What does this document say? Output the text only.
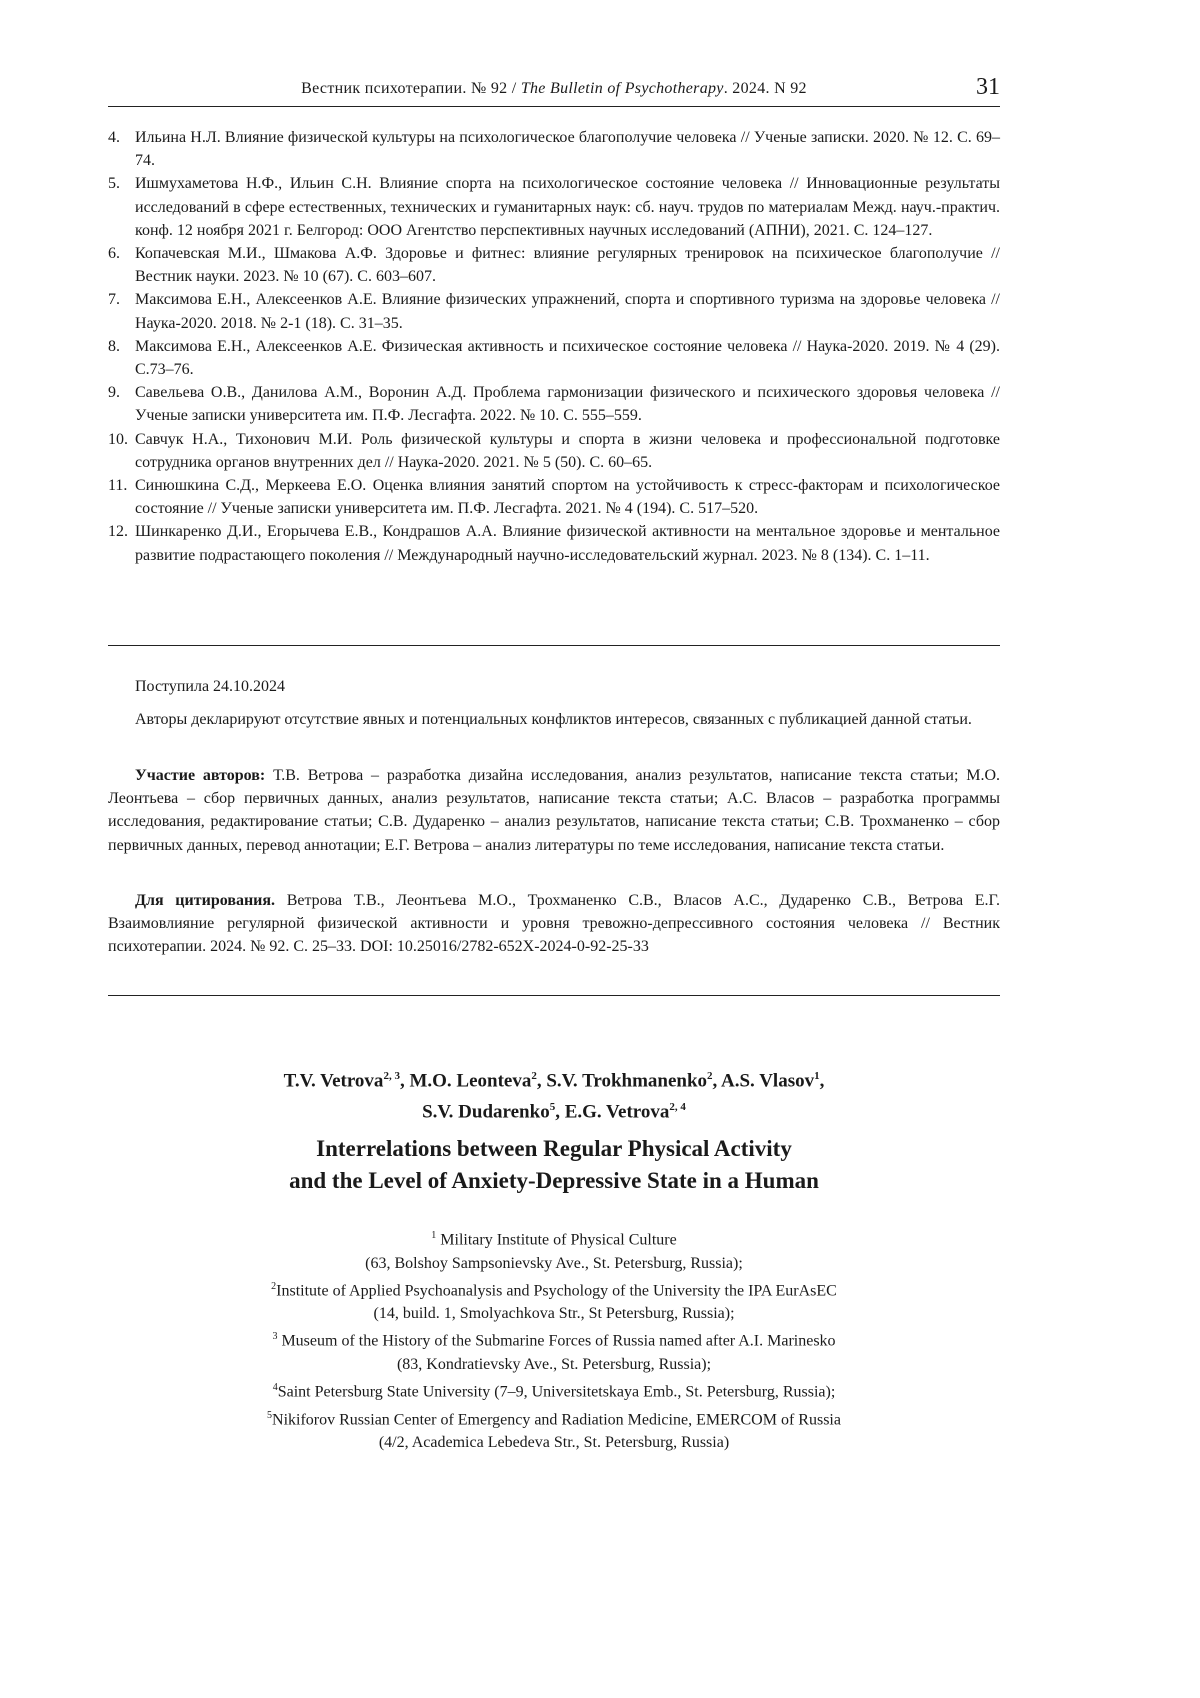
Вестник психотерапии. № 92 / The Bulletin of Psychotherapy. 2024. N 92	31
4. Ильина Н.Л. Влияние физической культуры на психологическое благополучие человека // Ученые записки. 2020. № 12. С. 69–74.
5. Ишмухаметова Н.Ф., Ильин С.Н. Влияние спорта на психологическое состояние человека // Инновационные результаты исследований в сфере естественных, технических и гуманитарных наук: сб. науч. трудов по материалам Межд. науч.-практич. конф. 12 ноября 2021 г. Белгород: ООО Агентство перспективных научных исследований (АПНИ), 2021. С. 124–127.
6. Копачевская М.И., Шмакова А.Ф. Здоровье и фитнес: влияние регулярных тренировок на психическое благополучие // Вестник науки. 2023. № 10 (67). С. 603–607.
7. Максимова Е.Н., Алексеенков А.Е. Влияние физических упражнений, спорта и спортивного туризма на здоровье человека // Наука-2020. 2018. № 2-1 (18). С. 31–35.
8. Максимова Е.Н., Алексеенков А.Е. Физическая активность и психическое состояние человека // Наука-2020. 2019. № 4 (29). С.73–76.
9. Савельева О.В., Данилова А.М., Воронин А.Д. Проблема гармонизации физического и психического здоровья человека // Ученые записки университета им. П.Ф. Лесгафта. 2022. № 10. С. 555–559.
10. Савчук Н.А., Тихонович М.И. Роль физической культуры и спорта в жизни человека и профессиональной подготовке сотрудника органов внутренних дел // Наука-2020. 2021. № 5 (50). С. 60–65.
11. Синюшкина С.Д., Меркеева Е.О. Оценка влияния занятий спортом на устойчивость к стресс-факторам и психологическое состояние // Ученые записки университета им. П.Ф. Лесгафта. 2021. № 4 (194). С. 517–520.
12. Шинкаренко Д.И., Егорычева Е.В., Кондрашов А.А. Влияние физической активности на ментальное здоровье и ментальное развитие подрастающего поколения // Международный научно-исследовательский журнал. 2023. № 8 (134). С. 1–11.

Поступила 24.10.2024

Авторы декларируют отсутствие явных и потенциальных конфликтов интересов, связанных с публикацией данной статьи.

Участие авторов: Т.В. Ветрова – разработка дизайна исследования, анализ результатов, написание текста статьи; М.О. Леонтьева – сбор первичных данных, анализ результатов, написание текста статьи; А.С. Власов – разработка программы исследования, редактирование статьи; С.В. Дударенко – анализ результатов, написание текста статьи; С.В. Трохманенко – сбор первичных данных, перевод аннотации; Е.Г. Ветрова – анализ литературы по теме исследования, написание текста статьи.

Для цитирования. Ветрова Т.В., Леонтьева М.О., Трохманенко С.В., Власов А.С., Дударенко С.В., Ветрова Е.Г. Взаимовлияние регулярной физической активности и уровня тревожно-депрессивного состояния человека // Вестник психотерапии. 2024. № 92. С. 25–33. DOI: 10.25016/2782-652X-2024-0-92-25-33

T.V. Vetrova$^{2, 3}$, M.O. Leonteva$^2$, S.V. Trokhmanenko$^2$, A.S. Vlasov$^1$,
S.V. Dudarenko$^5$, E.G. Vetrova$^{2, 4}$
Interrelations between Regular Physical Activity
and the Level of Anxiety-Depressive State in a Human
$^1$ Military Institute of Physical Culture
(63, Bolshoy Sampsonievsky Ave., St. Petersburg, Russia);
$^2$Institute of Applied Psychoanalysis and Psychology of the University the IPA EurAsEC
(14, build. 1, Smolyachkova Str., St Petersburg, Russia);
$^3$ Museum of the History of the Submarine Forces of Russia named after A.I. Marinesko
(83, Kondratievsky Ave., St. Petersburg, Russia);
$^4$Saint Petersburg State University (7–9, Universitetskaya Emb., St. Petersburg, Russia);
$^5$Nikiforov Russian Center of Emergency and Radiation Medicine, EMERCOM of Russia
(4/2, Academica Lebedeva Str., St. Petersburg, Russia)
